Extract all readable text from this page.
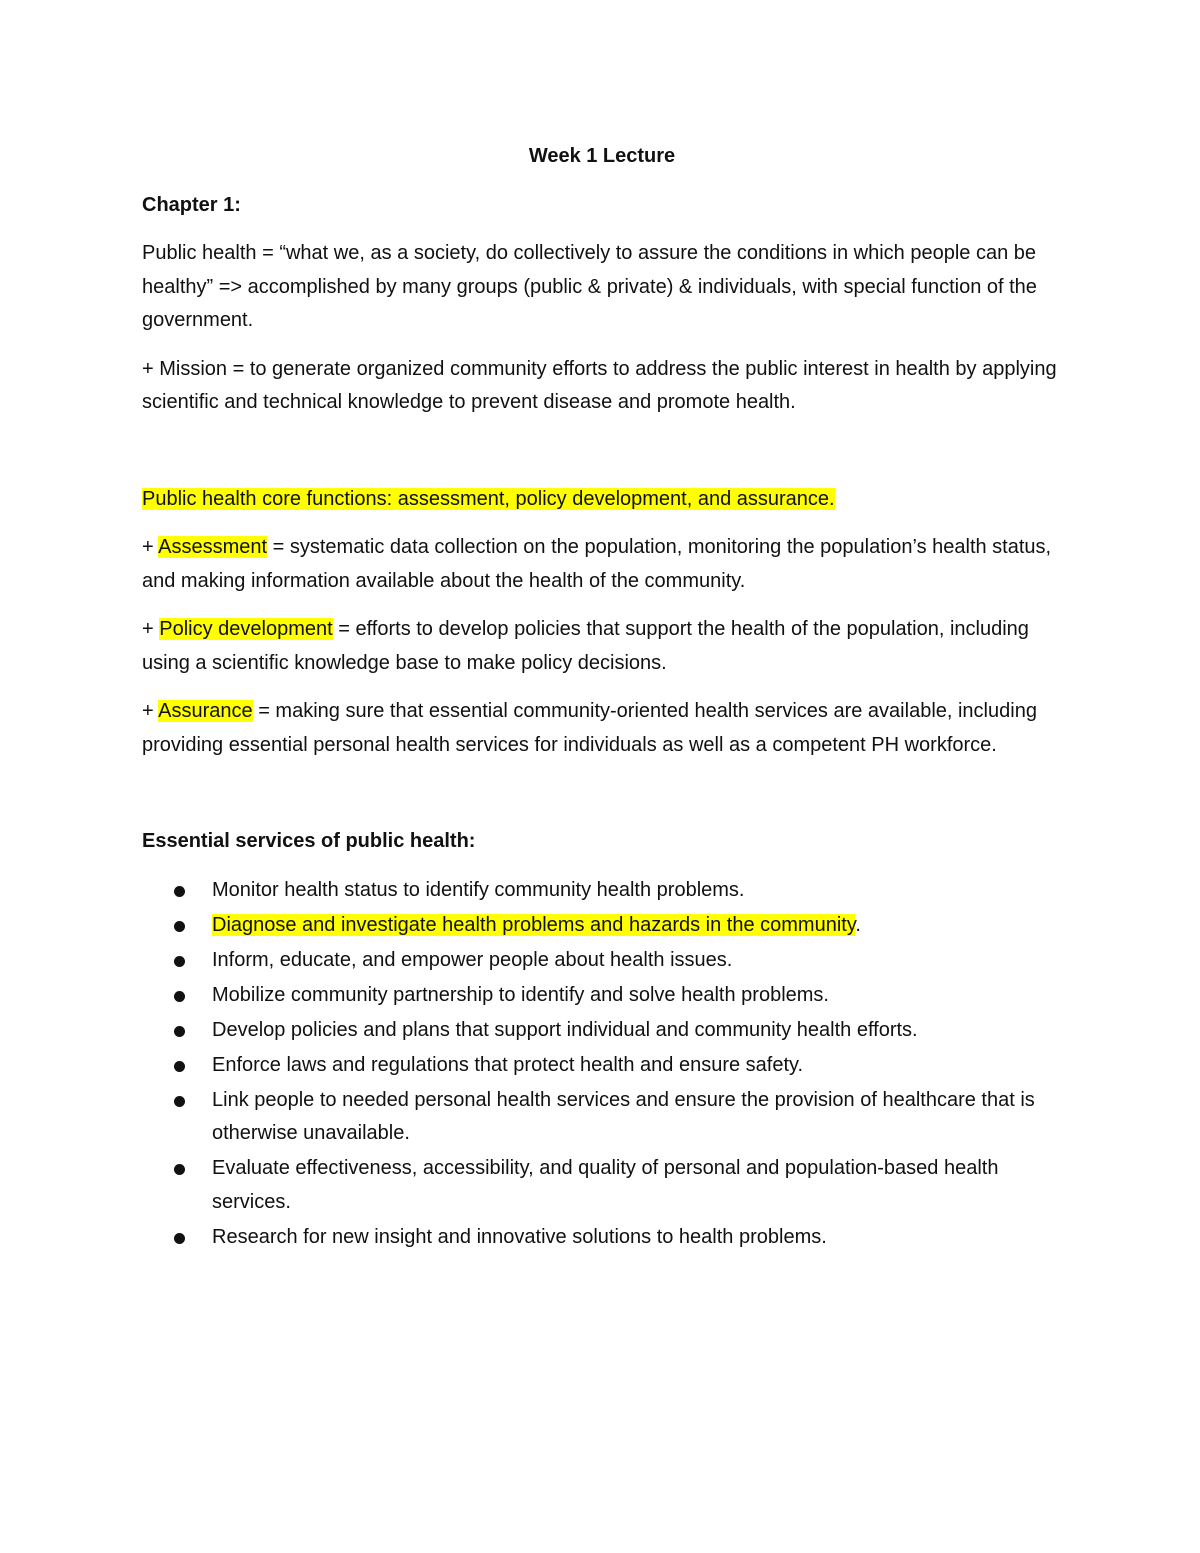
Week 1 Lecture
Chapter 1:

Public health = “what we, as a society, do collectively to assure the conditions in which people can be healthy” => accomplished by many groups (public & private) & individuals, with special function of the government.

+ Mission = to generate organized community efforts to address the public interest in health by applying scientific and technical knowledge to prevent disease and promote health.

Public health core functions: assessment, policy development, and assurance.

+ Assessment = systematic data collection on the population, monitoring the population’s health status, and making information available about the health of the community.

+ Policy development = efforts to develop policies that support the health of the population, including using a scientific knowledge base to make policy decisions.

+ Assurance = making sure that essential community-oriented health services are available, including providing essential personal health services for individuals as well as a competent PH workforce.

Essential services of public health:
Monitor health status to identify community health problems.
Diagnose and investigate health problems and hazards in the community.
Inform, educate, and empower people about health issues.
Mobilize community partnership to identify and solve health problems.
Develop policies and plans that support individual and community health efforts.
Enforce laws and regulations that protect health and ensure safety.
Link people to needed personal health services and ensure the provision of healthcare that is otherwise unavailable.
Evaluate effectiveness, accessibility, and quality of personal and population-based health services.
Research for new insight and innovative solutions to health problems.
